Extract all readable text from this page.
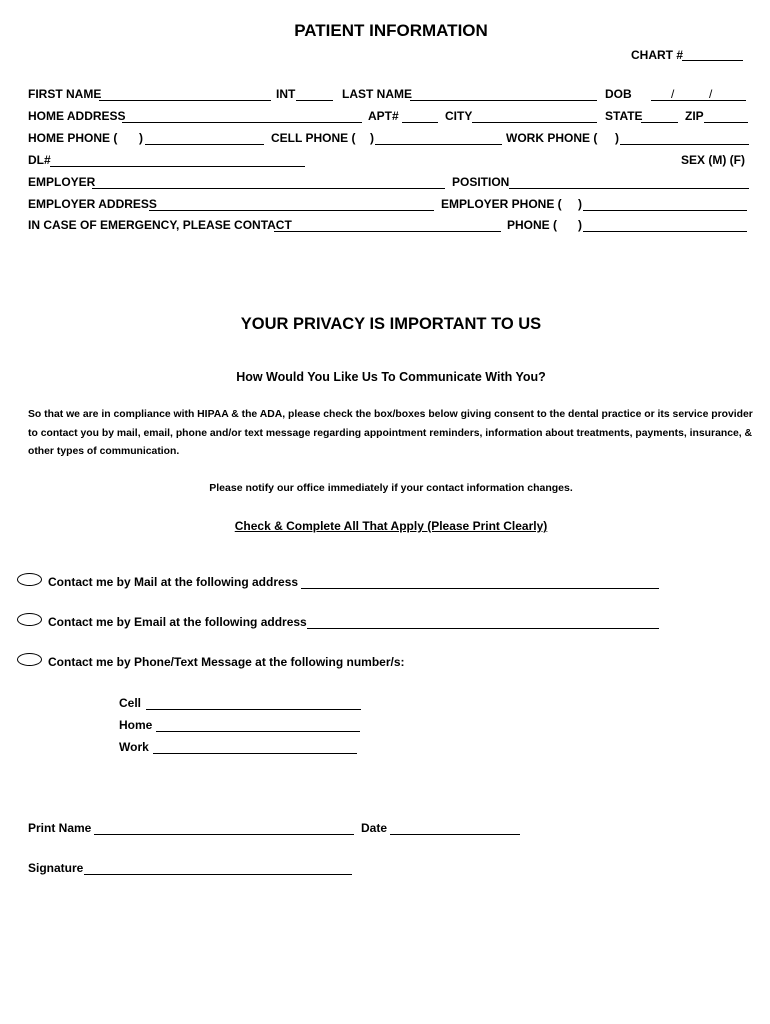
PATIENT INFORMATION
CHART #
FIRST NAME	INT	LAST NAME	DOB	/	/
HOME ADDRESS	APT#	CITY	STATE	ZIP
HOME PHONE ( )	CELL PHONE ( )	WORK PHONE ( )
DL#	SEX (M) (F)
EMPLOYER	POSITION
EMPLOYER ADDRESS	EMPLOYER PHONE ( )
IN CASE OF EMERGENCY, PLEASE CONTACT	PHONE ( )
YOUR PRIVACY IS IMPORTANT TO US
How Would You Like Us To Communicate With You?
So that we are in compliance with HIPAA & the ADA, please check the box/boxes below giving consent to the dental practice or its service provider to contact you by mail, email, phone and/or text message regarding appointment reminders, information about treatments, payments, insurance, & other types of communication.
Please notify our office immediately if your contact information changes.
Check & Complete All That Apply (Please Print Clearly)
Contact me by Mail at the following address
Contact me by Email at the following address
Contact me by Phone/Text Message at the following number/s:
Cell
Home
Work
Print Name	Date
Signature
